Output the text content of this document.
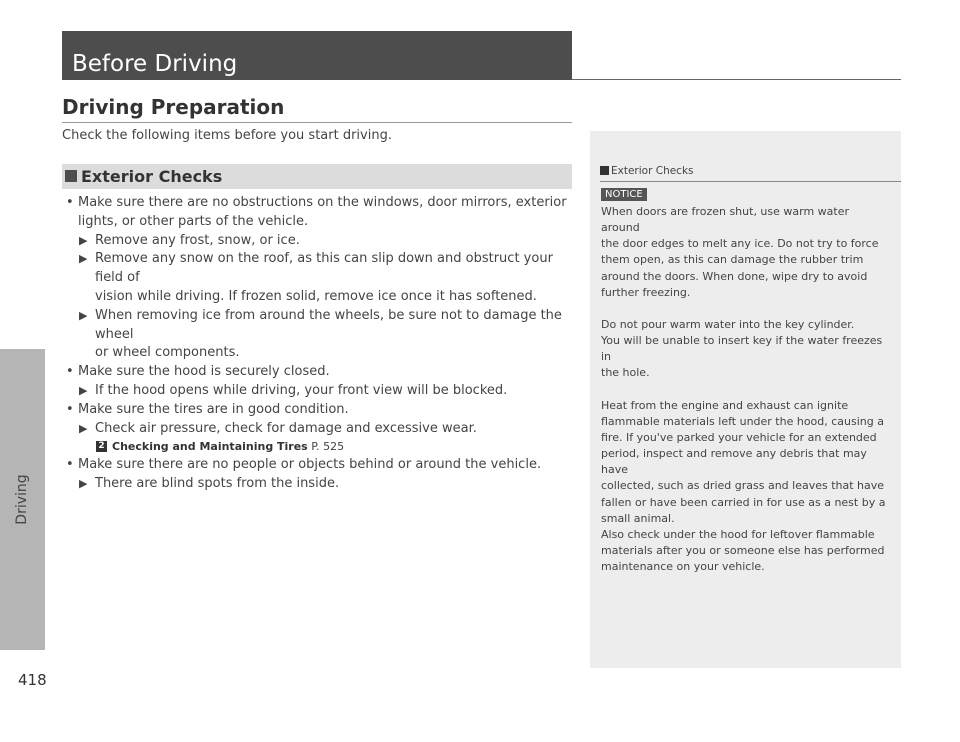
Driving
418
Before Driving
Driving Preparation
Check the following items before you start driving.
Exterior Checks
• Make sure there are no obstructions on the windows, door mirrors, exterior
lights, or other parts of the vehicle.
▶ Remove any frost, snow, or ice.
▶ Remove any snow on the roof, as this can slip down and obstruct your field of
vision while driving. If frozen solid, remove ice once it has softened.
▶ When removing ice from around the wheels, be sure not to damage the wheel
or wheel components.
• Make sure the hood is securely closed.
▶ If the hood opens while driving, your front view will be blocked.
• Make sure the tires are in good condition.
▶ Check air pressure, check for damage and excessive wear.
2 Checking and Maintaining Tires P. 525
• Make sure there are no people or objects behind or around the vehicle.
▶ There are blind spots from the inside.
Exterior Checks
NOTICE
When doors are frozen shut, use warm water around
the door edges to melt any ice. Do not try to force
them open, as this can damage the rubber trim
around the doors. When done, wipe dry to avoid
further freezing.
Do not pour warm water into the key cylinder.
You will be unable to insert key if the water freezes in
the hole.
Heat from the engine and exhaust can ignite
flammable materials left under the hood, causing a
fire. If you've parked your vehicle for an extended
period, inspect and remove any debris that may have
collected, such as dried grass and leaves that have
fallen or have been carried in for use as a nest by a
small animal.
Also check under the hood for leftover flammable
materials after you or someone else has performed
maintenance on your vehicle.
